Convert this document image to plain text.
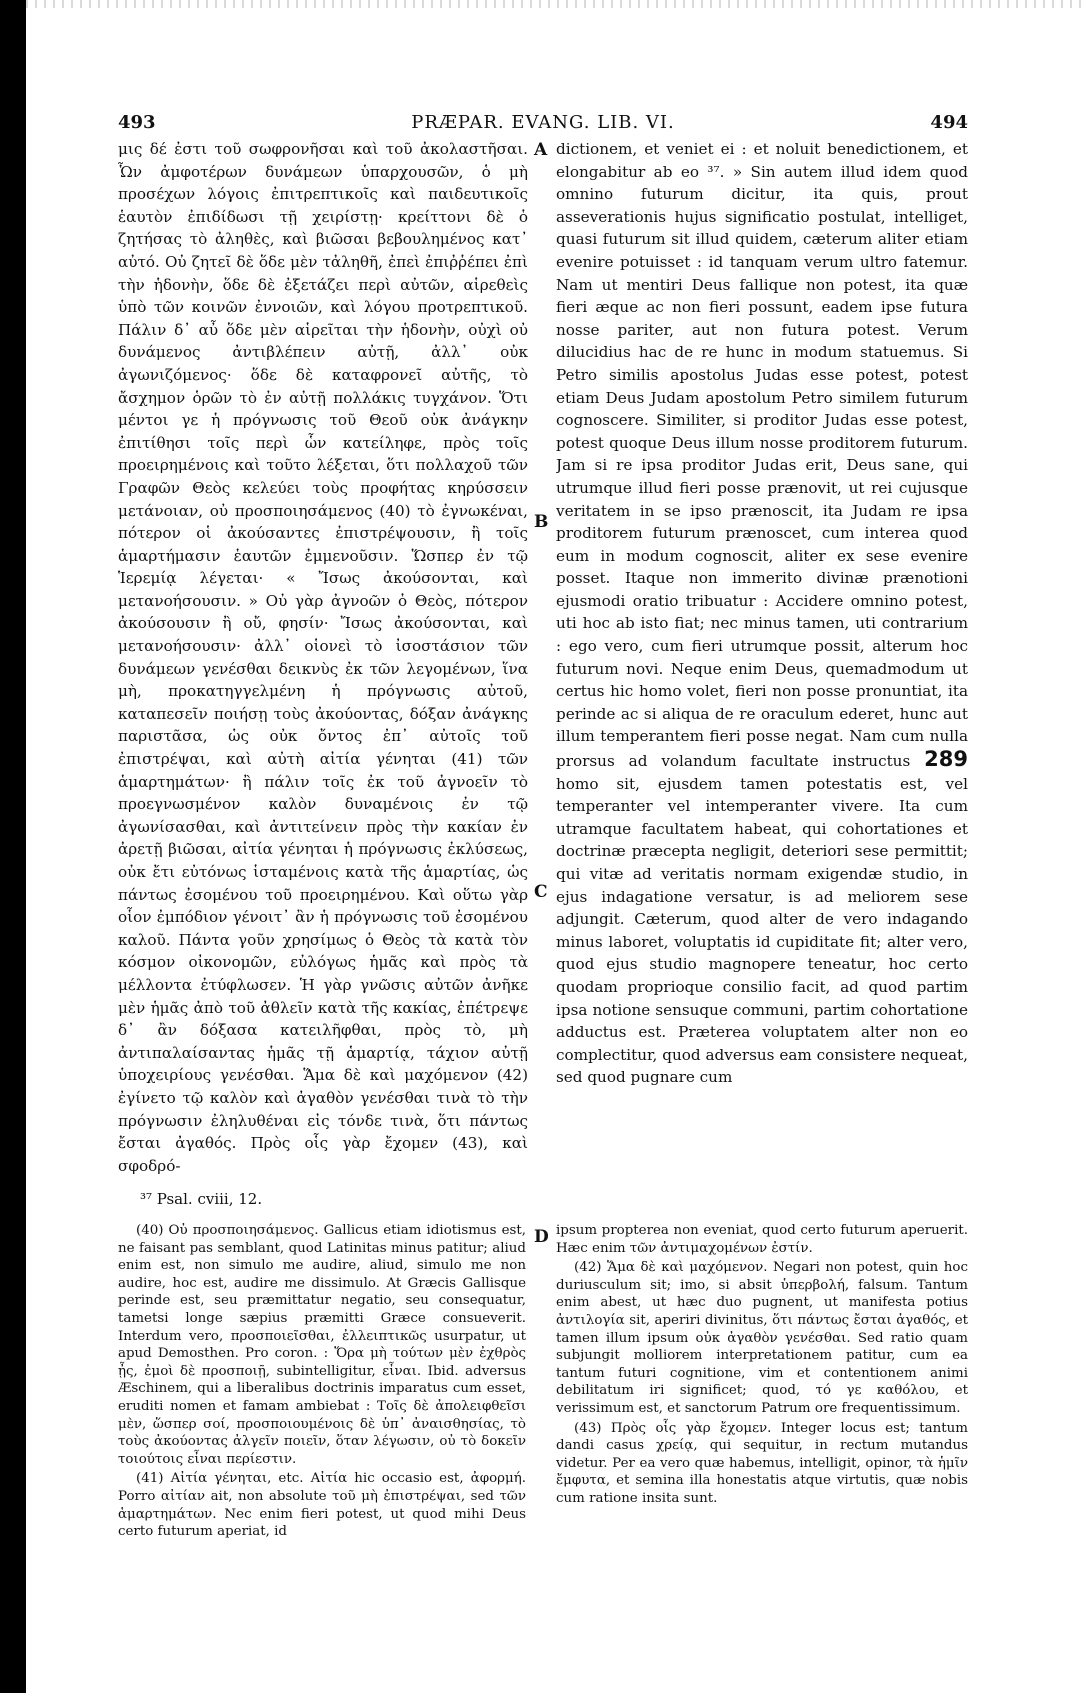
493	PRÆPAR. EVANG. LIB. VI.	494

μις δέ ἐστι τοῦ σωφρονῆσαι καὶ τοῦ ἀκολαστῆσαι. Ὧν ἀμφοτέρων δυνάμεων ὑπαρχουσῶν, ὁ μὴ προσέχων λόγοις ἐπιτρεπτικοῖς καὶ παιδευτικοῖς ἑαυτὸν ἐπιδίδωσι τῇ χειρίστῃ· κρείττονι δὲ ὁ ζητήσας τὸ ἀληθὲς, καὶ βιῶσαι βεβουλημένος κατ᾽ αὐτό. Οὐ ζητεῖ δὲ ὅδε μὲν τἀληθῆ, ἐπεὶ ἐπιῤῥέπει ἐπὶ τὴν ἡδονὴν, ὅδε δὲ ἐξετάζει περὶ αὐτῶν, αἱρεθεὶς ὑπὸ τῶν κοινῶν ἐννοιῶν, καὶ λόγου προτρεπτικοῦ. Πάλιν δ᾽ αὖ ὅδε μὲν αἱρεῖται τὴν ἡδονὴν, οὐχὶ οὐ δυνάμενος ἀντιβλέπειν αὐτῇ, ἀλλ᾽ οὐκ ἀγωνιζόμενος· ὅδε δὲ καταφρονεῖ αὐτῆς, τὸ ἄσχημον ὁρῶν τὸ ἐν αὐτῇ πολλάκις τυγχάνον. Ὅτι μέντοι γε ἡ πρόγνωσις τοῦ Θεοῦ οὐκ ἀνάγκην ἐπιτίθησι τοῖς περὶ ὧν κατείληφε, πρὸς τοῖς προειρημένοις καὶ τοῦτο λέξεται, ὅτι πολλαχοῦ τῶν Γραφῶν Θεὸς κελεύει τοὺς προφήτας κηρύσσειν μετάνοιαν, οὐ προσποιησάμενος (40) τὸ ἐγνωκέναι, πότερον οἱ ἀκούσαντες ἐπιστρέψουσιν, ἢ τοῖς ἁμαρτήμασιν ἑαυτῶν ἐμμενοῦσιν. Ὥσπερ ἐν τῷ Ἱερεμίᾳ λέγεται· « Ἴσως ἀκούσονται, καὶ μετανοήσουσιν. » Οὐ γὰρ ἀγνοῶν ὁ Θεὸς, πότερον ἀκούσουσιν ἢ οὔ, φησίν· Ἴσως ἀκούσονται, καὶ μετανοήσουσιν· ἀλλ᾽ οἱονεὶ τὸ ἰσοστάσιον τῶν δυνάμεων γενέσθαι δεικνὺς ἐκ τῶν λεγομένων, ἵνα μὴ, προκατηγγελμένη ἡ πρόγνωσις αὐτοῦ, καταπεσεῖν ποιήσῃ τοὺς ἀκούοντας, δόξαν ἀνάγκης παριστᾶσα, ὡς οὐκ ὄντος ἐπ᾽ αὐτοῖς τοῦ ἐπιστρέψαι, καὶ αὐτὴ αἰτία γένηται (41) τῶν ἁμαρτημάτων· ἢ πάλιν τοῖς ἐκ τοῦ ἀγνοεῖν τὸ προεγνωσμένον καλὸν δυναμένοις ἐν τῷ ἀγωνίσασθαι, καὶ ἀντιτείνειν πρὸς τὴν κακίαν ἐν ἀρετῇ βιῶσαι, αἰτία γένηται ἡ πρόγνωσις ἐκλύσεως, οὐκ ἔτι εὐτόνως ἱσταμένοις κατὰ τῆς ἁμαρτίας, ὡς πάντως ἐσομένου τοῦ προειρημένου. Καὶ οὕτω γὰρ οἷον ἐμπόδιον γένοιτ᾽ ἂν ἡ πρόγνωσις τοῦ ἐσομένου καλοῦ. Πάντα γοῦν χρησίμως ὁ Θεὸς τὰ κατὰ τὸν κόσμον οἰκονομῶν, εὐλόγως ἡμᾶς καὶ πρὸς τὰ μέλλοντα ἐτύφλωσεν. Ἡ γὰρ γνῶσις αὐτῶν ἀνῆκε μὲν ἡμᾶς ἀπὸ τοῦ ἀθλεῖν κατὰ τῆς κακίας, ἐπέτρεψε δ᾽ ἂν δόξασα κατειλῆφθαι, πρὸς τὸ, μὴ ἀντιπαλαίσαντας ἡμᾶς τῇ ἁμαρτίᾳ, τάχιον αὐτῇ ὑποχειρίους γενέσθαι. Ἅμα δὲ καὶ μαχόμενον (42) ἐγίνετο τῷ καλὸν καὶ ἀγαθὸν γενέσθαι τινὰ τὸ τὴν πρόγνωσιν ἐληλυθέναι εἰς τόνδε τινὰ, ὅτι πάντως ἔσται ἀγαθός. Πρὸς οἷς γὰρ ἔχομεν (43), καὶ σφοδρό-

A
B
C
D

dictionem, et veniet ei : et noluit benedictionem, et elongabitur ab eo ³⁷. » Sin autem illud idem quod omnino futurum dicitur, ita quis, prout asseverationis hujus significatio postulat, intelliget, quasi futurum sit illud quidem, cæterum aliter etiam evenire potuisset : id tanquam verum ultro fatemur. Nam ut mentiri Deus fallique non potest, ita quæ fieri æque ac non fieri possunt, eadem ipse futura nosse pariter, aut non futura potest. Verum dilucidius hac de re hunc in modum statuemus. Si Petro similis apostolus Judas esse potest, potest etiam Deus Judam apostolum Petro similem futurum cognoscere. Similiter, si proditor Judas esse potest, potest quoque Deus illum nosse proditorem futurum. Jam si re ipsa proditor Judas erit, Deus sane, qui utrumque illud fieri posse prænovit, ut rei cujusque veritatem in se ipso prænoscit, ita Judam re ipsa proditorem futurum prænoscet, cum interea quod eum in modum cognoscit, aliter ex sese evenire posset. Itaque non immerito divinæ prænotioni ejusmodi oratio tribuatur : Accidere omnino potest, uti hoc ab isto fiat; nec minus tamen, uti contrarium : ego vero, cum fieri utrumque possit, alterum hoc futurum novi. Neque enim Deus, quemadmodum ut certus hic homo volet, fieri non posse pronuntiat, ita perinde ac si aliqua de re oraculum ederet, hunc aut illum temperantem fieri posse negat. Nam cum nulla prorsus ad volandum facultate instructus 289 homo sit, ejusdem tamen potestatis est, vel temperanter vel intemperanter vivere. Ita cum utramque facultatem habeat, qui cohortationes et doctrinæ præcepta negligit, deteriori sese permittit; qui vitæ ad veritatis normam exigendæ studio, in ejus indagatione versatur, is ad meliorem sese adjungit. Cæterum, quod alter de vero indagando minus laboret, voluptatis id cupiditate fit; alter vero, quod ejus studio magnopere teneatur, hoc certo quodam proprioque consilio facit, ad quod partim ipsa notione sensuque communi, partim cohortatione adductus est. Præterea voluptatem alter non eo complectitur, quod adversus eam consistere nequeat, sed quod pugnare cum

³⁷ Psal. cviii, 12.

(40) Οὐ προσποιησάμενος. Gallicus etiam idiotismus est, ne faisant pas semblant, quod Latinitas minus patitur; aliud enim est, non simulo me audire, aliud, simulo me non audire, hoc est, audire me dissimulo. At Græcis Gallisque perinde est, seu præmittatur negatio, seu consequatur, tametsi longe sæpius præmitti Græce consueverit. Interdum vero, προσποιεῖσθαι, ἐλλειπτικῶς usurpatur, ut apud Demosthen. Pro coron. : Ὅρα μὴ τούτων μὲν ἐχθρὸς ᾖς, ἐμοὶ δὲ προσποιῇ, subintelligitur, εἶναι. Ibid. adversus Æschinem, qui a liberalibus doctrinis imparatus cum esset, eruditi nomen et famam ambiebat : Τοῖς δὲ ἀπολειφθεῖσι μὲν, ὥσπερ σοί, προσποιουμένοις δὲ ὑπ᾽ ἀναισθησίας, τὸ τοὺς ἀκούοντας ἀλγεῖν ποιεῖν, ὅταν λέγωσιν, οὐ τὸ δοκεῖν τοιούτοις εἶναι περίεστιν.

(41) Αἰτία γένηται, etc. Αἰτία hic occasio est, ἀφορμή. Porro αἰτίαν ait, non absolute τοῦ μὴ ἐπιστρέψαι, sed τῶν ἁμαρτημάτων. Nec enim fieri potest, ut quod mihi Deus certo futurum aperiat, id

ipsum propterea non eveniat, quod certo futurum aperuerit. Hæc enim τῶν ἀντιμαχομένων ἐστίν.

(42) Ἅμα δὲ καὶ μαχόμενον. Negari non potest, quin hoc duriusculum sit; imo, si absit ὑπερβολή, falsum. Tantum enim abest, ut hæc duo pugnent, ut manifesta potius ἀντιλογία sit, aperiri divinitus, ὅτι πάντως ἔσται ἀγαθός, et tamen illum ipsum οὐκ ἀγαθὸν γενέσθαι. Sed ratio quam subjungit molliorem interpretationem patitur, cum ea tantum futuri cognitione, vim et contentionem animi debilitatum iri significet; quod, τό γε καθόλου, et verissimum est, et sanctorum Patrum ore frequentissimum.

(43) Πρὸς οἷς γὰρ ἔχομεν. Integer locus est; tantum dandi casus χρείᾳ, qui sequitur, in rectum mutandus videtur. Per ea vero quæ habemus, intelligit, opinor, τὰ ἡμῖν ἔμφυτα, et semina illa honestatis atque virtutis, quæ nobis cum ratione insita sunt.
